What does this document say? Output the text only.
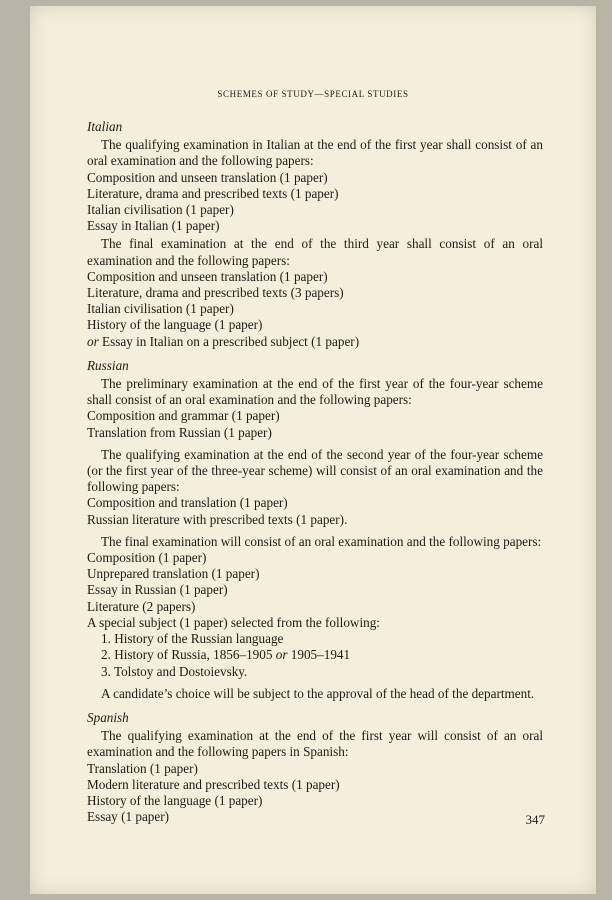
SCHEMES OF STUDY—SPECIAL STUDIES

Italian

The qualifying examination in Italian at the end of the first year shall consist of an oral examination and the following papers:

Composition and unseen translation (1 paper)

Literature, drama and prescribed texts (1 paper)

Italian civilisation (1 paper)

Essay in Italian (1 paper)

The final examination at the end of the third year shall consist of an oral examination and the following papers:

Composition and unseen translation (1 paper)

Literature, drama and prescribed texts (3 papers)

Italian civilisation (1 paper)

History of the language (1 paper)

or Essay in Italian on a prescribed subject (1 paper)

Russian

The preliminary examination at the end of the first year of the four-year scheme shall consist of an oral examination and the following papers:

Composition and grammar (1 paper)

Translation from Russian (1 paper)

The qualifying examination at the end of the second year of the four-year scheme (or the first year of the three-year scheme) will consist of an oral examination and the following papers:

Composition and translation (1 paper)

Russian literature with prescribed texts (1 paper).

The final examination will consist of an oral examination and the following papers:

Composition (1 paper)

Unprepared translation (1 paper)

Essay in Russian (1 paper)

Literature (2 papers)

A special subject (1 paper) selected from the following:

1. History of the Russian language

2. History of Russia, 1856–1905 or 1905–1941

3. Tolstoy and Dostoievsky.

A candidate’s choice will be subject to the approval of the head of the department.

Spanish

The qualifying examination at the end of the first year will consist of an oral examination and the following papers in Spanish:

Translation (1 paper)

Modern literature and prescribed texts (1 paper)

History of the language (1 paper)

Essay (1 paper)	347
